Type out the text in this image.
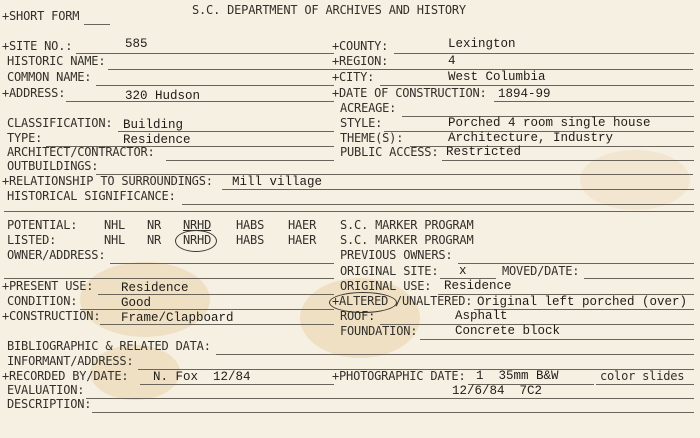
+SHORT FORM	S.C. DEPARTMENT OF ARCHIVES AND HISTORY
+SITE NO.:	585
HISTORIC NAME:
COMMON NAME:
+ADDRESS:	320 Hudson
CLASSIFICATION: Building
TYPE:	Residence
ARCHITECT/CONTRACTOR:
OUTBUILDINGS:
+COUNTY:	Lexington
+REGION:	4
+CITY:	West Columbia
+DATE OF CONSTRUCTION: 1894-99
ACREAGE:
STYLE:	Porched 4 room single house
THEME(S):	Architecture, Industry
PUBLIC ACCESS: Restricted
+RELATIONSHIP TO SURROUNDINGS: Mill village
HISTORICAL SIGNIFICANCE:
POTENTIAL: NHL NR NRHD HABS HAER S.C. MARKER PROGRAM
LISTED:	NHL NR NRHD HABS HAER S.C. MARKER PROGRAM
OWNER/ADDRESS:	PREVIOUS OWNERS:
ORIGINAL SITE: x	MOVED/DATE:
+PRESENT USE: Residence	ORIGINAL USE: Residence
CONDITION:	Good	+ALTERED /UNALTERED: Original left porched (over)
+CONSTRUCTION: Frame/Clapboard	ROOF:	Asphalt
FOUNDATION:	Concrete block
BIBLIOGRAPHIC & RELATED DATA:
INFORMANT/ADDRESS:
+RECORDED BY/DATE: N. Fox  12/84	+PHOTOGRAPHIC DATE: 1  35mm B&W	color slides
EVALUATION:	12/6/84  7C2
DESCRIPTION:
